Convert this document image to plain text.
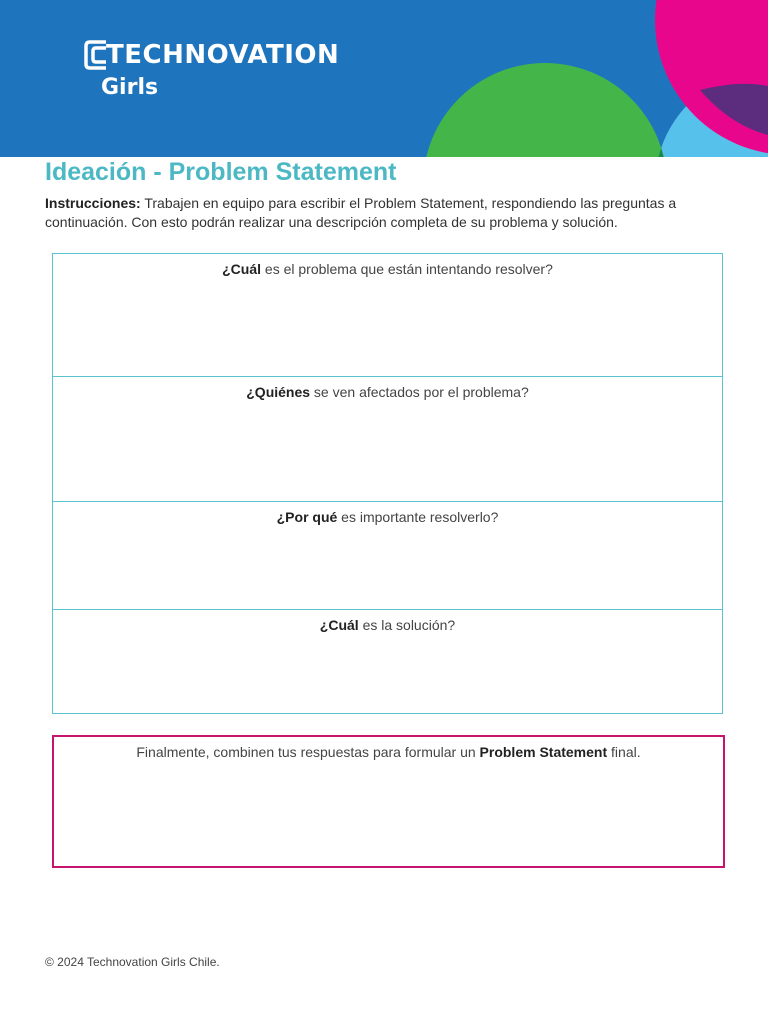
TECHNOVATION
Girls
Ideación - Problem Statement
Instrucciones: Trabajen en equipo para escribir el Problem Statement, respondiendo las preguntas a continuación. Con esto podrán realizar una descripción completa de su problema y solución.
¿Cuál es el problema que están intentando resolver?
¿Quiénes se ven afectados por el problema?
¿Por qué es importante resolverlo?
¿Cuál es la solución?
Finalmente, combinen tus respuestas para formular un Problem Statement final.
© 2024 Technovation Girls Chile.
